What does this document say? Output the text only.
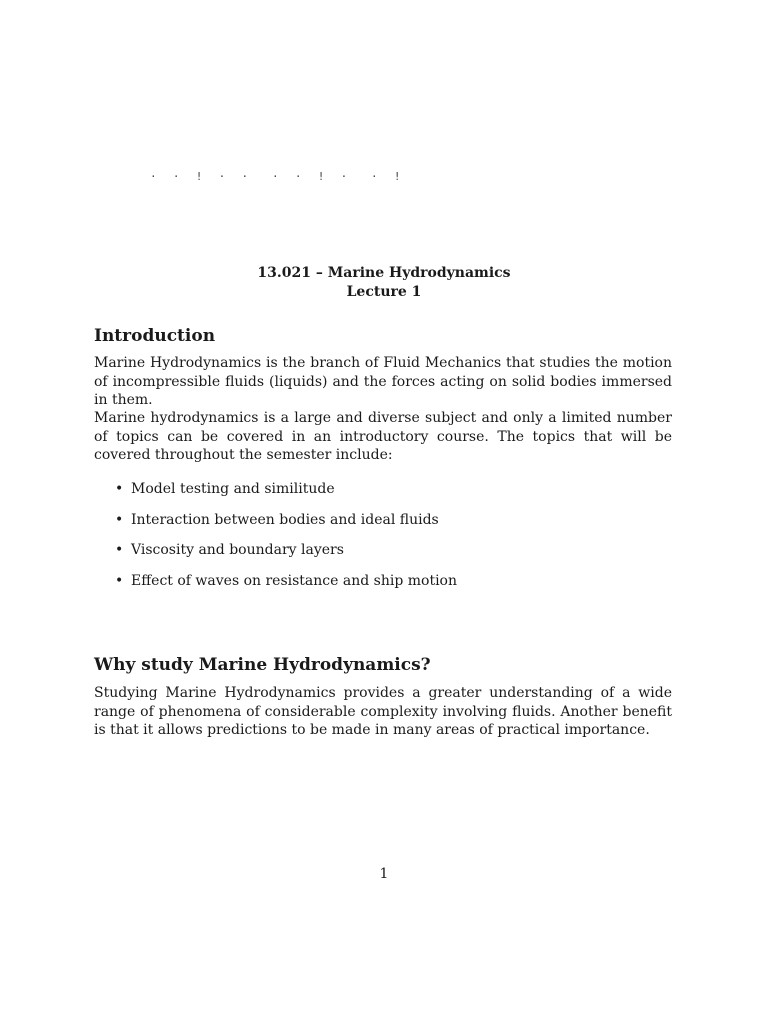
·  ·  !  ·  ·   ·  ·  !  ·   ·  !
13.021 – Marine Hydrodynamics
Lecture 1
Introduction

Marine Hydrodynamics is the branch of Fluid Mechanics that studies the motion of incompressible fluids (liquids) and the forces acting on solid bodies immersed in them.

Marine hydrodynamics is a large and diverse subject and only a limited number of topics can be covered in an introductory course. The topics that will be covered throughout the semester include:

• Model testing and similitude
• Interaction between bodies and ideal fluids
• Viscosity and boundary layers
• Effect of waves on resistance and ship motion
Why study Marine Hydrodynamics?

Studying Marine Hydrodynamics provides a greater understanding of a wide range of phenomena of considerable complexity involving fluids. Another benefit is that it allows predictions to be made in many areas of practical importance.

1
